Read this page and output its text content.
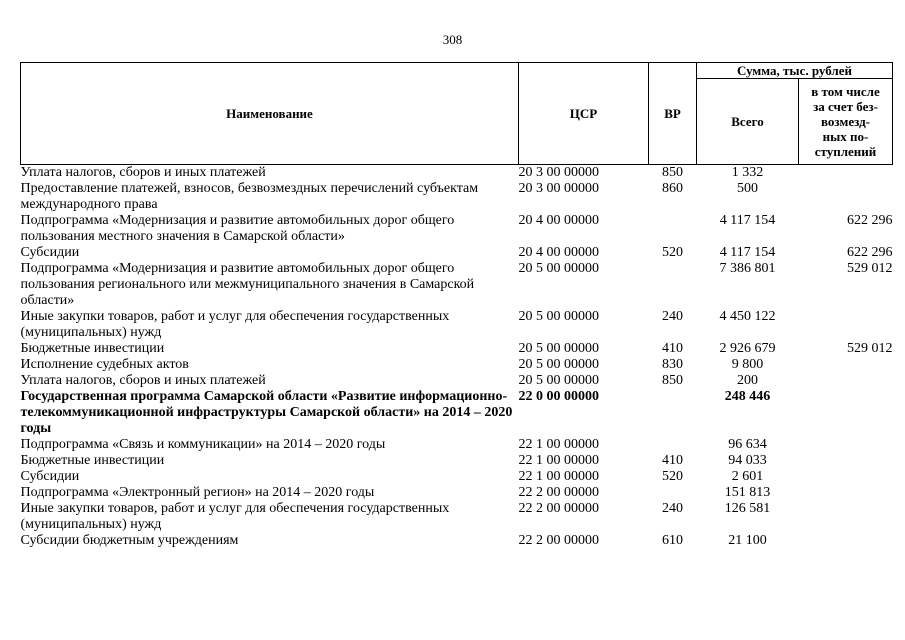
308
Наименование	ЦСР	ВР	Сумма, тыс. рублей	
			Всего	в том числе
за счет без-
возмезд-
ных по-
ступлений

Уплата налогов, сборов и иных платежей	20 3 00 00000	850	1 332	
Предоставление платежей, взносов, безвозмездных перечислений субъектам международного права	20 3 00 00000	860	500	
Подпрограмма «Модернизация и развитие автомобильных дорог общего пользования местного значения в Самарской области»	20 4 00 00000		4 117 154	622 296
Субсидии	20 4 00 00000	520	4 117 154	622 296
Подпрограмма «Модернизация и развитие автомобильных дорог общего пользования регионального или межмуниципального значения в Самарской области»	20 5 00 00000		7 386 801	529 012
Иные закупки товаров, работ и услуг для обеспечения государственных (муниципальных) нужд	20 5 00 00000	240	4 450 122	
Бюджетные инвестиции	20 5 00 00000	410	2 926 679	529 012
Исполнение судебных актов	20 5 00 00000	830	9 800	
Уплата налогов, сборов и иных платежей	20 5 00 00000	850	200	
Государственная программа Самарской области «Развитие информационно-телекоммуникационной инфраструктуры Самарской области» на 2014 – 2020 годы	22 0 00 00000		248 446	
Подпрограмма «Связь и коммуникации» на 2014 – 2020 годы	22 1 00 00000		96 634	
Бюджетные инвестиции	22 1 00 00000	410	94 033	
Субсидии	22 1 00 00000	520	2 601	
Подпрограмма «Электронный регион» на 2014 – 2020 годы	22 2 00 00000		151 813	
Иные закупки товаров, работ и услуг для обеспечения государственных (муниципальных) нужд	22 2 00 00000	240	126 581	
Субсидии бюджетным учреждениям	22 2 00 00000	610	21 100	
